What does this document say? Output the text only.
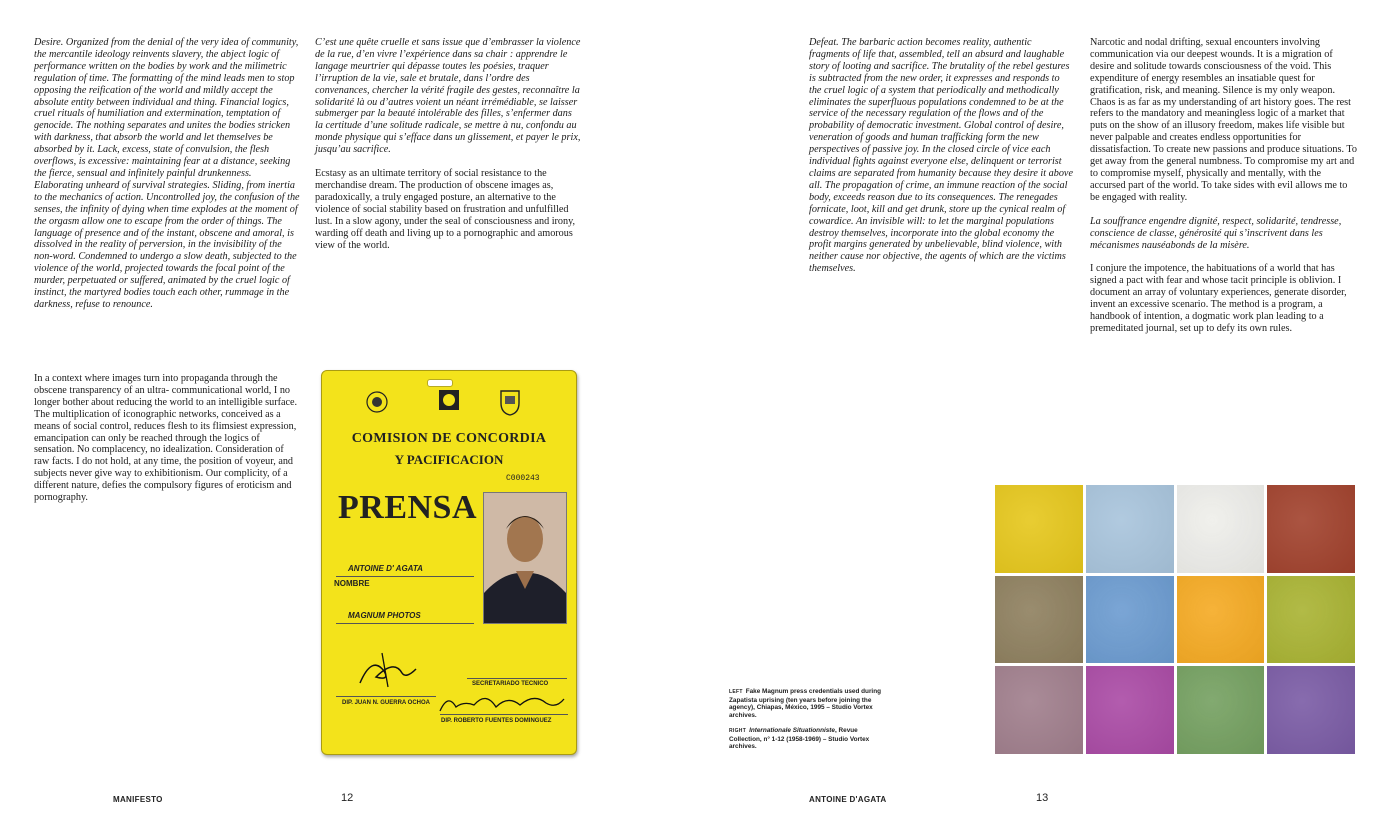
Desire. Organized from the denial of the very idea of community, the mercantile ideology reinvents slavery, the abject logic of performance written on the bodies by work and the milimetric regulation of time. The formatting of the mind leads men to stop opposing the reification of the world and mildly accept the absolute entity between individual and thing. Financial logics, cruel rituals of humiliation and extermination, temptation of genocide. The nothing separates and unites the bodies stricken with darkness, that absorb the world and let themselves be absorbed by it. Lack, excess, state of convulsion, the flesh overflows, is excessive: maintaining fear at a distance, seeking the fierce, sensual and infinitely painful drunkenness. Elaborating unheard of survival strategies. Sliding, from inertia to the mechanics of action. Uncontrolled joy, the confusion of the senses, the infinity of dying when time explodes at the moment of the orgasm allow one to escape from the order of things. The language of presence and of the instant, obscene and amoral, is dissolved in the reality of perversion, in the invisibility of the non-word. Condemned to undergo a slow death, subjected to the violence of the world, projected towards the focal point of the murder, perpetuated or suffered, animated by the cruel logic of instinct, the martyred bodies touch each other, rummage in the darkness, refuse to renounce.

In a context where images turn into propaganda through the obscene transparency of an ultra- communicational world, I no longer bother about reducing the world to an intelligible surface. The multiplication of iconographic networks, conceived as a means of social control, reduces flesh to its flimsiest expression, emancipation can only be reached through the logics of sensation. No complacency, no idealization. Consideration of raw facts. I do not hold, at any time, the position of voyeur, and subjects never give way to exhibitionism. Our complicity, of a different nature, defies the compulsory figures of eroticism and pornography.

C’est une quête cruelle et sans issue que d’embrasser la violence de la rue, d’en vivre l’expérience dans sa chair : apprendre le langage meurtrier qui dépasse toutes les poésies, traquer l’irruption de la vie, sale et brutale, dans l’ordre des convenances, chercher la vérité fragile des gestes, reconnaître la solidarité là ou d’autres voient un néant irrémédiable, se laisser submerger par la beauté intolérable des filles, s’enfermer dans la certitude d’une solitude radicale, se mettre à nu, confondu au monde physique qui s’efface dans un glissement, et payer le prix, jusqu’au sacrifice.

Ecstasy as an ultimate territory of social resistance to the merchandise dream. The production of obscene images as, paradoxically, a truly engaged posture, an alternative to the violence of social stability based on frustration and unfulfilled lust. In a slow agony, under the seal of consciousness and irony, warding off death and living up to a pornographic and amorous view of the world.

COMISION DE CONCORDIA
Y PACIFICACION
C000243
PRENSA
ANTOINE D' AGATA
NOMBRE
MAGNUM PHOTOS
SECRETARIADO TECNICO
DIP. JUAN N. GUERRA OCHOA
DIP. ROBERTO FUENTES DOMINGUEZ

Defeat. The barbaric action becomes reality, authentic fragments of life that, assembled, tell an absurd and laughable story of looting and sacrifice. The brutality of the rebel gestures is subtracted from the new order, it expresses and responds to the cruel logic of a system that periodically and methodically eliminates the superfluous populations condemned to be at the service of the necessary regulation of the flows and of the probability of democratic investment. Global control of desire, veneration of goods and human trafficking form the new perspectives of passive joy. In the closed circle of vice each individual fights against everyone else, delinquent or terrorist claims are separated from humanity because they desire it above all. The propagation of crime, an immune reaction of the social body, exceeds reason due to its consequences. The renegades fornicate, loot, kill and get drunk, store up the cynical realm of cowardice. An invisible will: to let the marginal populations destroy themselves, incorporate into the global economy the profit margins generated by unbelievable, blind violence, with neither cause nor objective, the agents of which are the victims themselves.

Narcotic and nodal drifting, sexual encounters involving communication via our deepest wounds. It is a migration of desire and solitude towards consciousness of the void. This expenditure of energy resembles an insatiable quest for gratification, risk, and meaning. Silence is my only weapon. Chaos is as far as my understanding of art history goes. The rest refers to the mandatory and meaningless logic of a market that puts on the show of an illusory freedom, makes life visible but never palpable and creates endless opportunities for dissatisfaction. To create new passions and produce situations. To get away from the general numbness. To compromise my art and to compromise myself, physically and mentally, with the accursed part of the world. To take sides with evil allows me to be engaged with reality.

La souffrance engendre dignité, respect, solidarité, tendresse, conscience de classe, générosité qui s’inscrivent dans les mécanismes nauséabonds de la misère.

I conjure the impotence, the habituations of a world that has signed a pact with fear and whose tacit principle is oblivion. I document an array of voluntary experiences, generate disorder, invent an excessive scenario. The method is a program, a handbook of intention, a dogmatic work plan leading to a premeditated journal, set up to defy its own rules.

LEFT Fake Magnum press credentials used during Zapatista uprising (ten years before joining the agency), Chiapas, México, 1995 – Studio Vortex archives.

RIGHT Internationale Situationniste, Revue Collection, n° 1-12 (1958-1969) – Studio Vortex archives.

MANIFESTO	12	ANTOINE D'AGATA	13
